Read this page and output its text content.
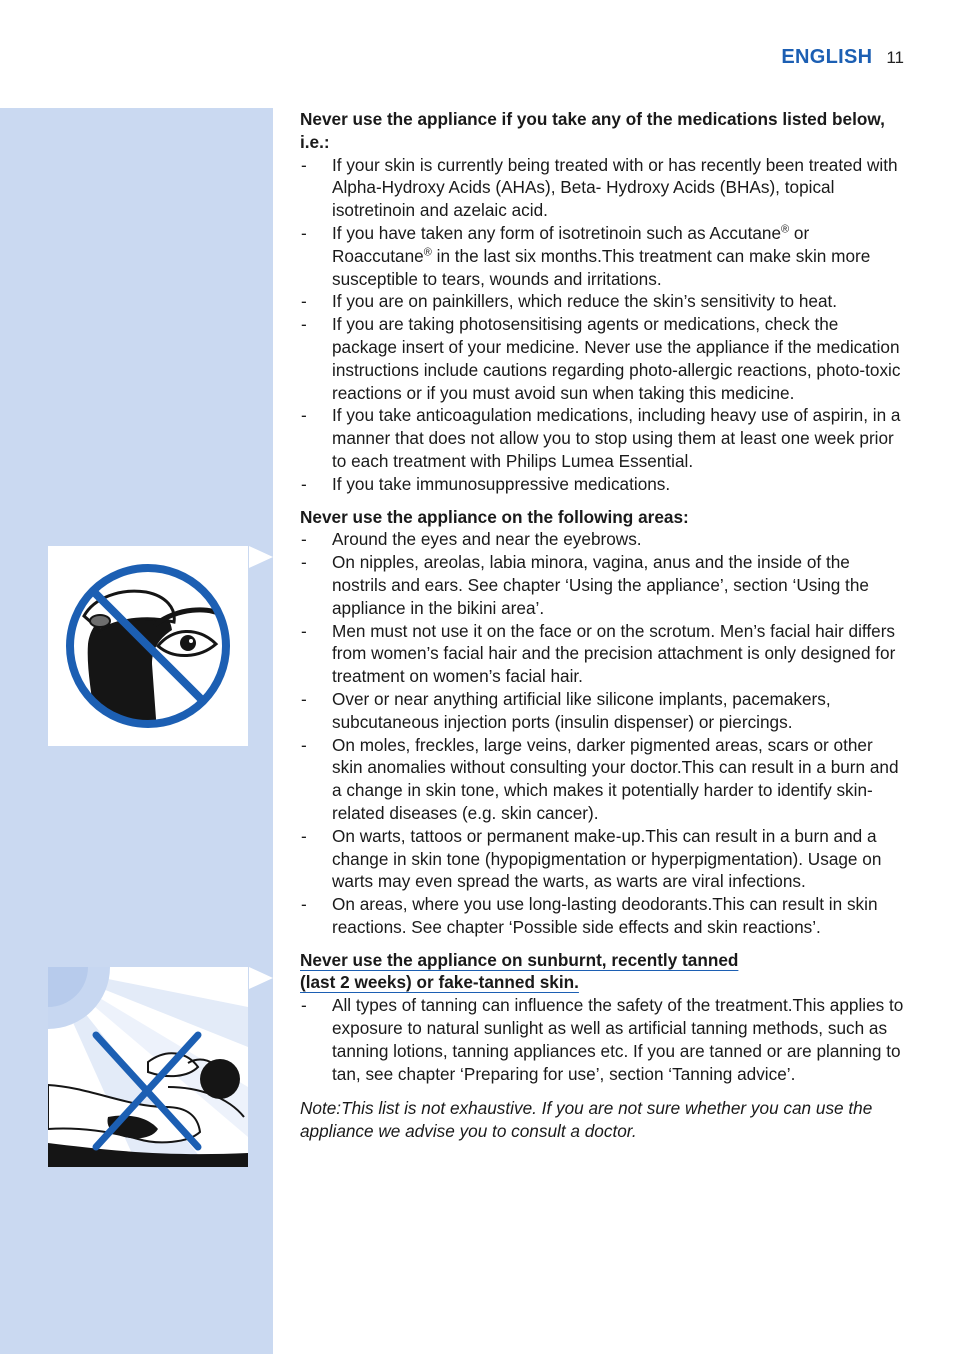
ENGLISH 11

Never use the appliance if you take any of the medications listed below, i.e.:

- If your skin is currently being treated with or has recently been treated with Alpha-Hydroxy Acids (AHAs), Beta- Hydroxy Acids (BHAs), topical isotretinoin and azelaic acid.
- If you have taken any form of isotretinoin such as Accutane® or Roaccutane® in the last six months.This treatment can make skin more susceptible to tears, wounds and irritations.
- If you are on painkillers, which reduce the skin’s sensitivity to heat.
- If you are taking photosensitising agents or medications, check the package insert of your medicine. Never use the appliance if the medication instructions include cautions regarding photo-allergic reactions, photo-toxic reactions or if you must avoid sun when taking this medicine.
- If you take anticoagulation medications, including heavy use of aspirin, in a manner that does not allow you to stop using them at least one week prior to each treatment with Philips Lumea Essential.
- If you take immunosuppressive medications.

Never use the appliance on the following areas:

- Around the eyes and near the eyebrows.
- On nipples, areolas, labia minora, vagina, anus and the inside of the nostrils and ears. See chapter ‘Using the appliance’, section ‘Using the appliance in the bikini area’.
- Men must not use it on the face or on the scrotum. Men’s facial hair differs from women’s facial hair and the precision attachment is only designed for treatment on women’s facial hair.
- Over or near anything artificial like silicone implants, pacemakers, subcutaneous injection ports (insulin dispenser) or piercings.
- On moles, freckles, large veins, darker pigmented areas, scars or other skin anomalies without consulting your doctor.This can result in a burn and a change in skin tone, which makes it potentially harder to identify skin-related diseases (e.g. skin cancer).
- On warts, tattoos or permanent make-up.This can result in a burn and a change in skin tone (hypopigmentation or hyperpigmentation). Usage on warts may even spread the warts, as warts are viral infections.
- On areas, where you use long-lasting deodorants.This can result in skin reactions. See chapter ‘Possible side effects and skin reactions’.

Never use the appliance on sunburnt, recently tanned
(last 2 weeks) or fake-tanned skin.

- All types of tanning can influence the safety of the treatment.This applies to exposure to natural sunlight as well as artificial tanning methods, such as tanning lotions, tanning appliances etc. If you are tanned or are planning to tan, see chapter ‘Preparing for use’, section ‘Tanning advice’.

Note:This list is not exhaustive. If you are not sure whether you can use the appliance we advise you to consult a doctor.
